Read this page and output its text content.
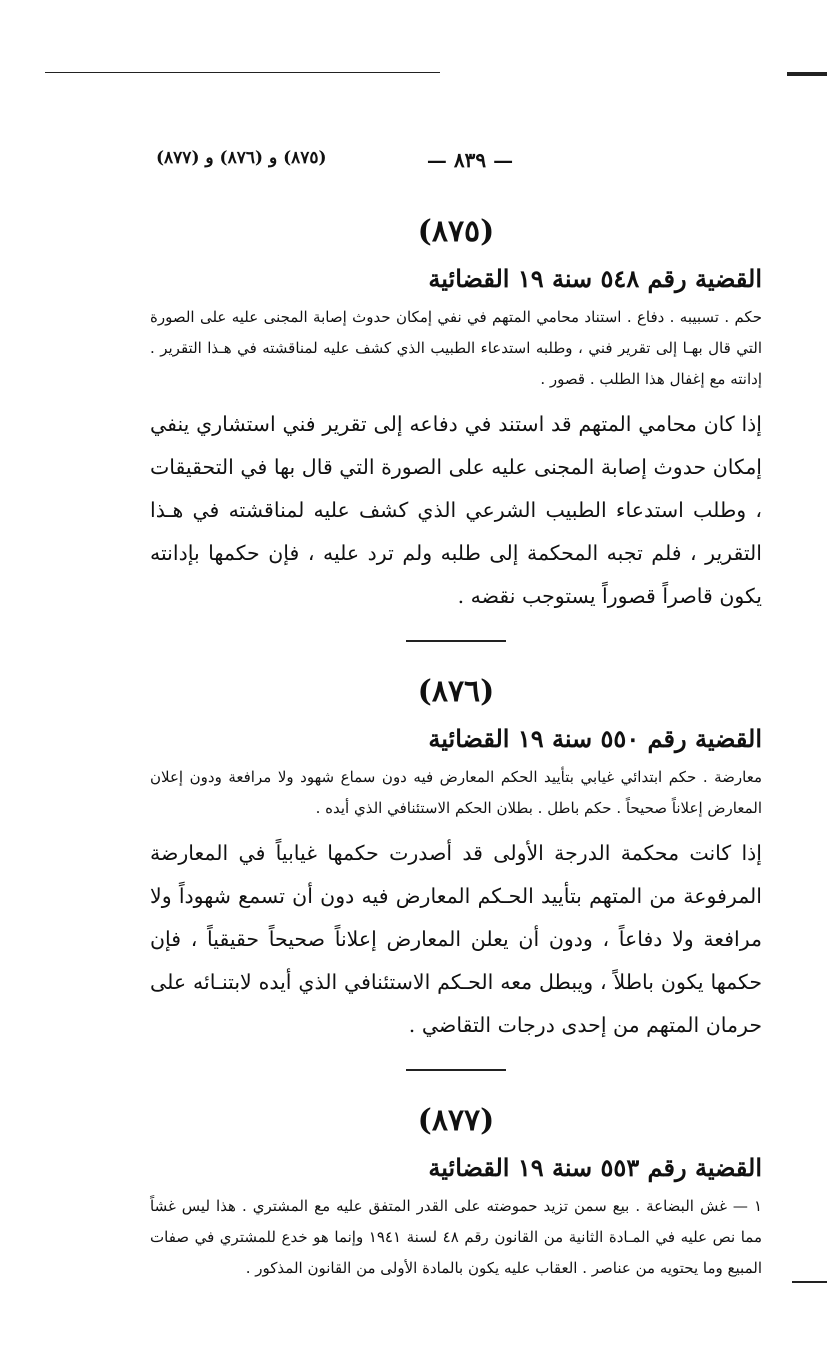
— ٨٣٩ —
(٨٧٥) و (٨٧٦) و (٨٧٧)
(٨٧٥)
القضية رقم ٥٤٨ سنة ١٩ القضائية

حكم . تسبيبه . دفاع . استناد محامي المتهم في نفي إمكان حدوث إصابة المجنى عليه على الصورة التي قال بهـا إلى تقرير فني ، وطلبه استدعاء الطبيب الذي كشف عليه لمناقشته في هـذا التقرير . إدانته مع إغفال هذا الطلب . قصور .

إذا كان محامي المتهم قد استند في دفاعه إلى تقرير فني استشاري ينفي إمكان حدوث إصابة المجنى عليه على الصورة التي قال بها في التحقيقات ، وطلب استدعاء الطبيب الشرعي الذي كشف عليه لمناقشته في هـذا التقرير ، فلم تجبه المحكمة إلى طلبه ولم ترد عليه ، فإن حكمها بإدانته يكون قاصراً قصوراً يستوجب نقضه .

(٨٧٦)
القضية رقم ٥٥٠ سنة ١٩ القضائية

معارضة . حكم ابتدائي غيابي بتأييد الحكم المعارض فيه دون سماع شهود ولا مرافعة ودون إعلان المعارض إعلاناً صحيحاً . حكم باطل . بطلان الحكم الاستئنافي الذي أيده .

إذا كانت محكمة الدرجة الأولى قد أصدرت حكمها غيابياً في المعارضة المرفوعة من المتهم بتأييد الحـكم المعارض فيه دون أن تسمع شهوداً ولا مرافعة ولا دفاعاً ، ودون أن يعلن المعارض إعلاناً صحيحاً حقيقياً ، فإن حكمها يكون باطلاً ، ويبطل معه الحـكم الاستئنافي الذي أيده لابتنـائه على حرمان المتهم من إحدى درجات التقاضي .

(٨٧٧)
القضية رقم ٥٥٣ سنة ١٩ القضائية

١ — غش البضاعة . بيع سمن تزيد حموضته على القدر المتفق عليه مع المشتري . هذا ليس غشاً مما نص عليه في المـادة الثانية من القانون رقم ٤٨ لسنة ١٩٤١ وإنما هو خدع للمشتري في صفات المبيع وما يحتويه من عناصر . العقاب عليه يكون بالمادة الأولى من القانون المذكور .
